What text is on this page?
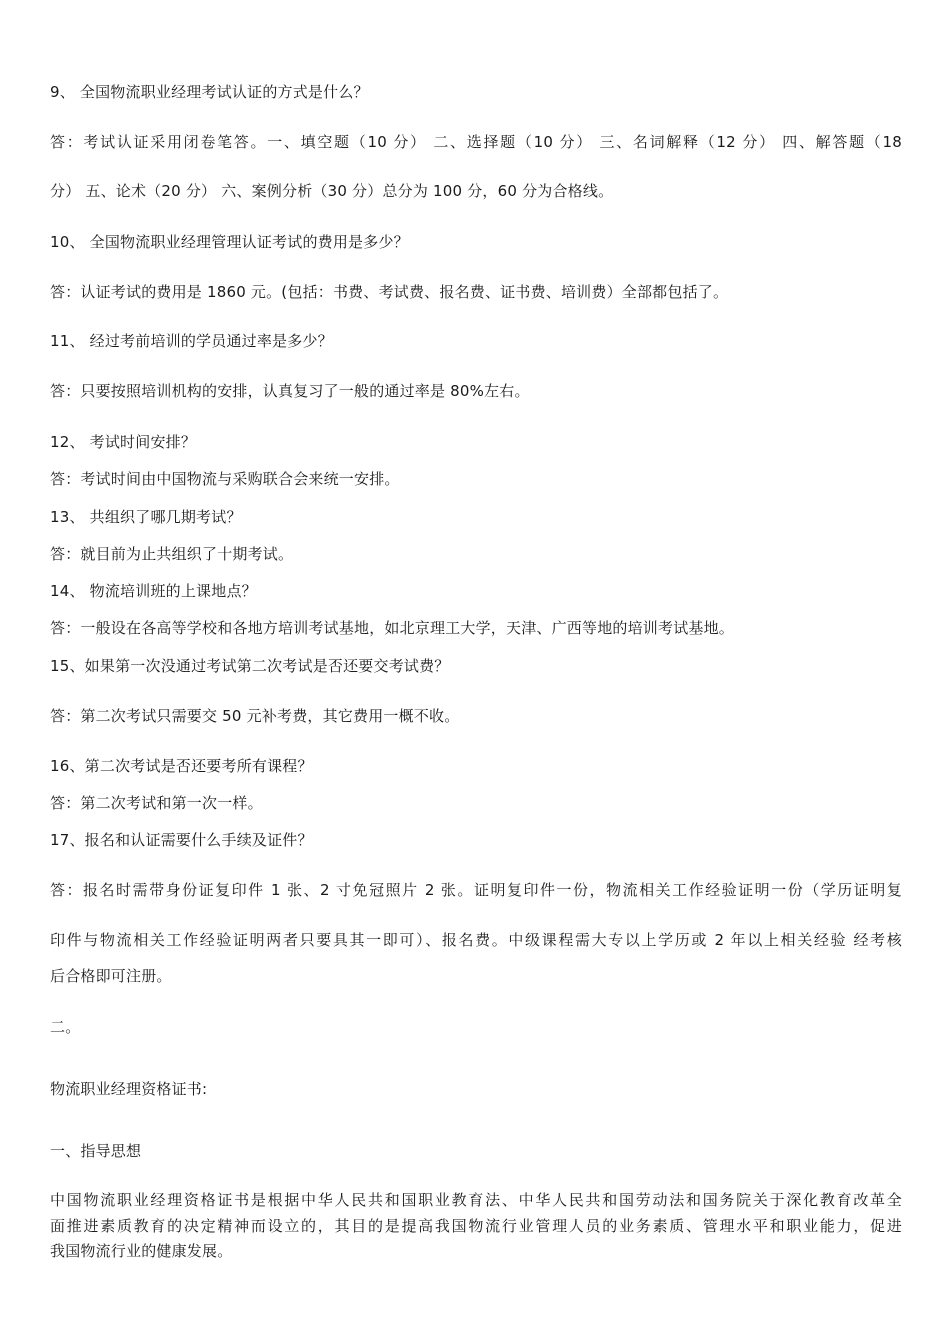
9、 全国物流职业经理考试认证的方式是什么？
答：考试认证采用闭卷笔答。一、填空题（10 分） 二、选择题（10 分） 三、名词解释（12 分） 四、解答题（18
分） 五、论术（20 分） 六、案例分析（30 分）总分为 100 分，60 分为合格线。
10、 全国物流职业经理管理认证考试的费用是多少？
答：认证考试的费用是 1860 元。(包括：书费、考试费、报名费、证书费、培训费）全部都包括了。
11、 经过考前培训的学员通过率是多少？
答：只要按照培训机构的安排，认真复习了一般的通过率是 80%左右。
12、 考试时间安排？
答：考试时间由中国物流与采购联合会来统一安排。
13、 共组织了哪几期考试？
答：就目前为止共组织了十期考试。
14、 物流培训班的上课地点？
答：一般设在各高等学校和各地方培训考试基地，如北京理工大学，天津、广西等地的培训考试基地。
15、如果第一次没通过考试第二次考试是否还要交考试费？
答：第二次考试只需要交 50 元补考费，其它费用一概不收。
16、第二次考试是否还要考所有课程？
答：第二次考试和第一次一样。
17、报名和认证需要什么手续及证件？
答：报名时需带身份证复印件 1 张、2 寸免冠照片 2 张。证明复印件一份，物流相关工作经验证明一份（学历证明复
印件与物流相关工作经验证明两者只要具其一即可）、报名费。中级课程需大专以上学历或 2 年以上相关经验 经考核
后合格即可注册。
二。
物流职业经理资格证书:
一、指导思想
中国物流职业经理资格证书是根据中华人民共和国职业教育法、中华人民共和国劳动法和国务院关于深化教育改革全
面推进素质教育的决定精神而设立的，其目的是提高我国物流行业管理人员的业务素质、管理水平和职业能力，促进
我国物流行业的健康发展。
